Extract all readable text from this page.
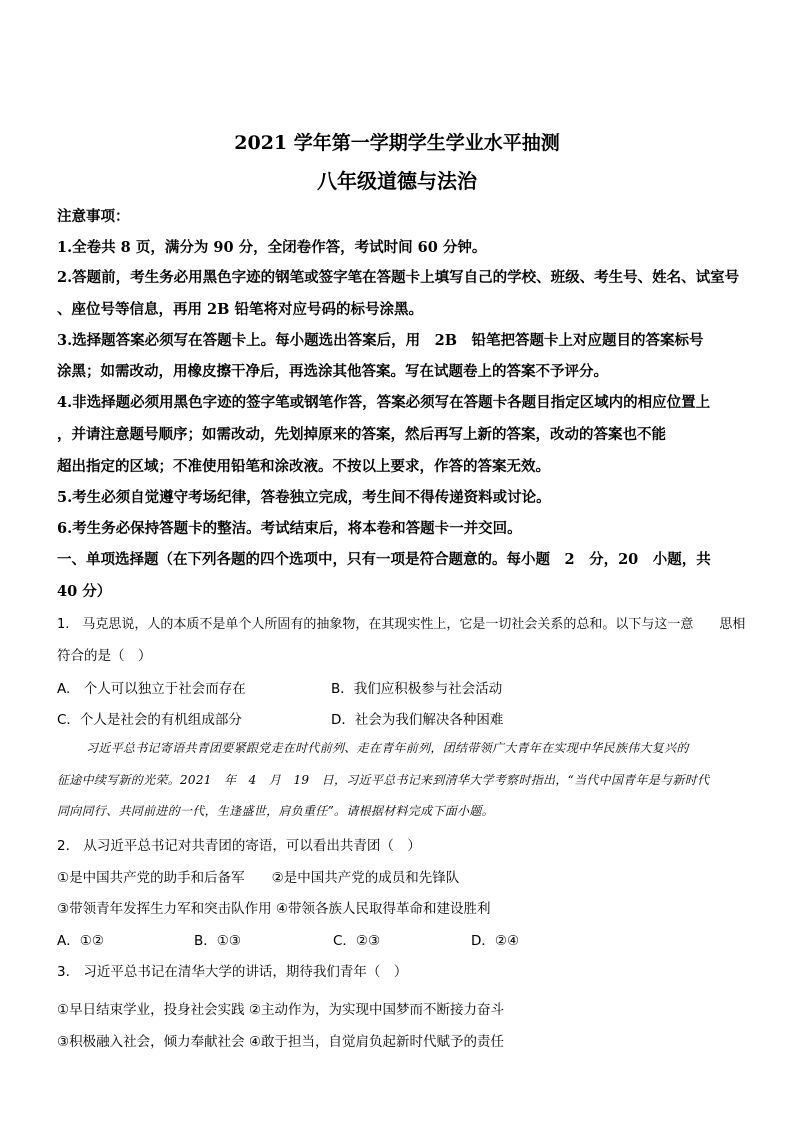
2021 学年第一学期学生学业水平抽测
八年级道德与法治
注意事项：
1.全卷共 8 页，满分为 90 分，全闭卷作答，考试时间 60 分钟。
2.答题前，考生务必用黑色字迹的钢笔或签字笔在答题卡上填写自己的学校、班级、考生号、姓名、试室号
、座位号等信息，再用 2B 铅笔将对应号码的标号涂黑。
3.选择题答案必须写在答题卡上。每小题选出答案后，用　2B　铅笔把答题卡上对应题目的答案标号
涂黑；如需改动，用橡皮擦干净后，再选涂其他答案。写在试题卷上的答案不予评分。
4.非选择题必须用黑色字迹的签字笔或钢笔作答，答案必须写在答题卡各题目指定区域内的相应位置上
，并请注意题号顺序；如需改动，先划掉原来的答案，然后再写上新的答案，改动的答案也不能
超出指定的区域；不准使用铅笔和涂改液。不按以上要求，作答的答案无效。
5.考生必须自觉遵守考场纪律，答卷独立完成，考生间不得传递资料或讨论。
6.考生务必保持答题卡的整洁。考试结束后，将本卷和答题卡一并交回。
一、单项选择题（在下列各题的四个选项中，只有一项是符合题意的。每小题　2　分，20　小题，共
40 分）
1.　马克思说，人的本质不是单个人所固有的抽象物，在其现实性上，它是一切社会关系的总和。以下与这一意　　思相
符合的是（　）
A.　个人可以独立于社会而存在	B．我们应积极参与社会活动
C．个人是社会的有机组成部分	D．社会为我们解决各种困难
习近平总书记寄语共青团要紧跟党走在时代前列、走在青年前列，团结带领广大青年在实现中华民族伟大复兴的
征途中续写新的光荣。2021　年　4　月　19　日，习近平总书记来到清华大学考察时指出，“当代中国青年是与新时代
同向同行、共同前进的一代，生逢盛世，肩负重任”。请根据材料完成下面小题。
2.　从习近平总书记对共青团的寄语，可以看出共青团（　）
①是中国共产党的助手和后备军　　②是中国共产党的成员和先锋队
③带领青年发挥生力军和突击队作用 ④带领各族人民取得革命和建设胜利
A．①②	B．①③	C．②③	D．②④
3.　习近平总书记在清华大学的讲话，期待我们青年（　）
①早日结束学业，投身社会实践 ②主动作为，为实现中国梦而不断接力奋斗
③积极融入社会，倾力奉献社会 ④敢于担当，自觉肩负起新时代赋予的责任
